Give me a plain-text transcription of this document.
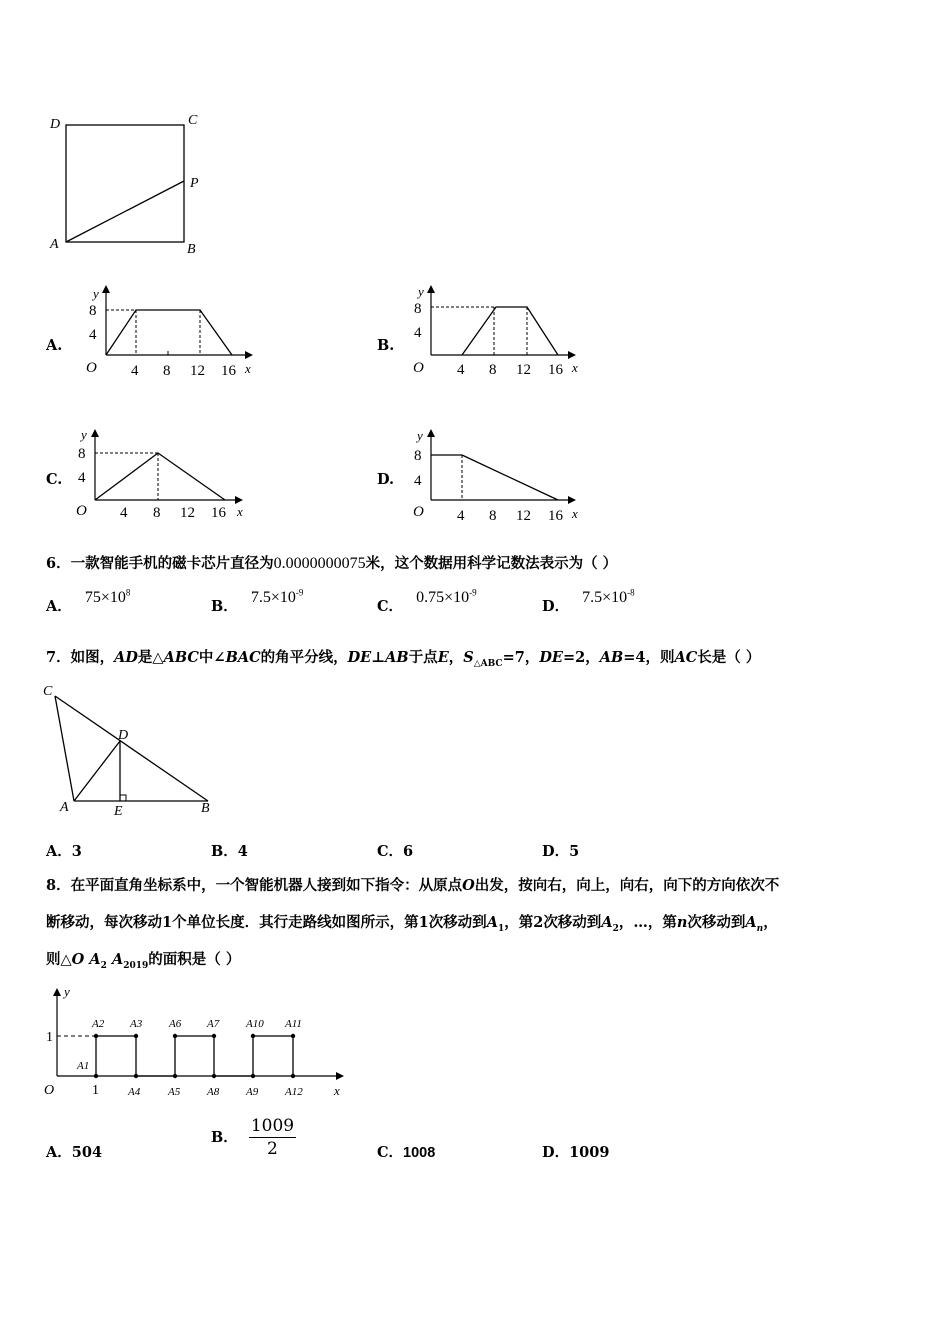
D	C
P
A	B
A.
y
8
4
O 4 8 12 16 x
B.
y
8
4
O 4 8 12 16 x
C.
y
8
4
O 4 8 12 16 x
D.
y
8
4
O 4 8 12 16 x
6．一款智能手机的磁卡芯片直径为0.0000000075米，这个数据用科学记数法表示为（ ）
A． $75\times 10^8$
B． $7.5\times 10^{-9}$
C． $0.75\times 10^{-9}$
D． $7.5\times 10^{-8}$
7．如图，AD是△ABC中∠BAC的角平分线，DE⊥AB于点E，$S_{\triangle ABC}=7$，DE=2，AB=4，则AC长是（ ）
C
D
A	E	B
A．3	B．4	C．6	D．5
8．在平面直角坐标系中，一个智能机器人接到如下指令：从原点O出发，按向右，向上，向右，向下的方向依次不
断移动，每次移动1个单位长度．其行走路线如图所示，第1次移动到$A_1$，第2次移动到$A_2$，…，第n次移动到$A_n$，
则△O $A_2$ $A_{2019}$的面积是（ ）
y
x
O
1
1
A1
A2 A3 A6 A7 A10 A11
A4	A5 A8 A9 A12
A．504
B． $\frac{1009}{2}$	C．1008	D．1009
